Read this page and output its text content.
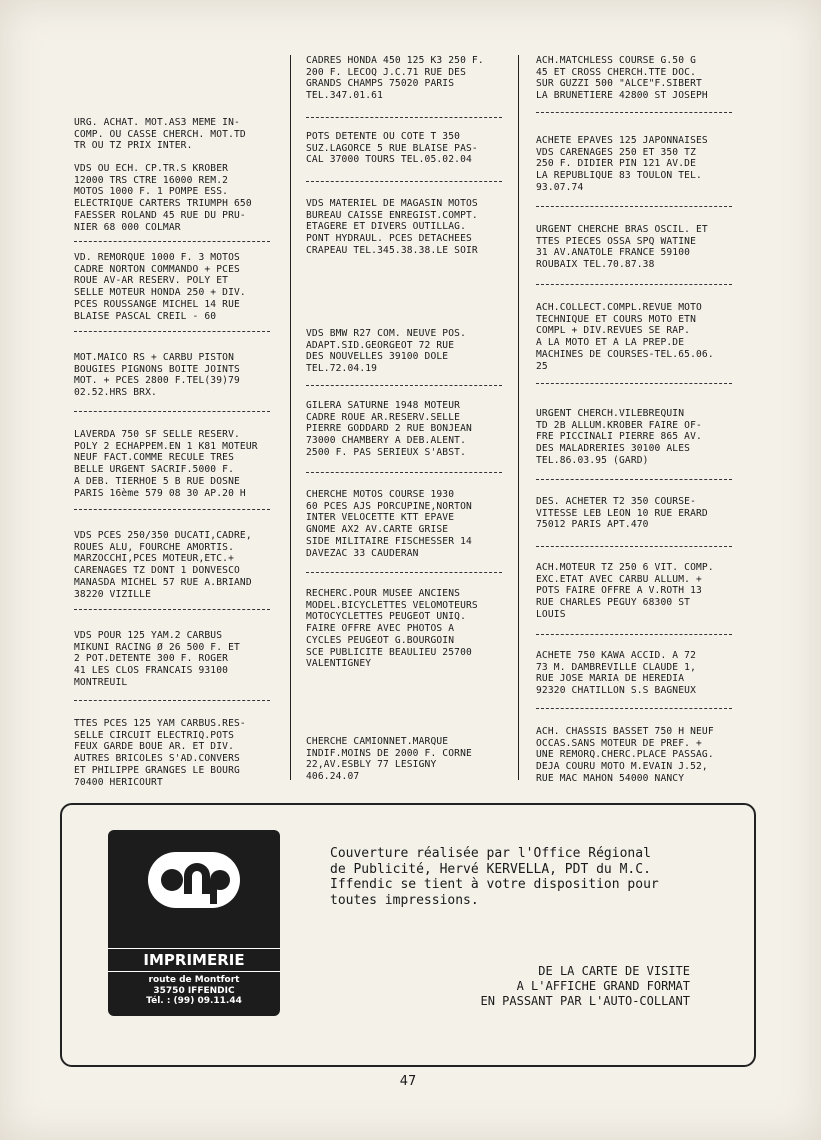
URG. ACHAT. MOT.AS3 MEME IN-
COMP. OU CASSE CHERCH. MOT.TD
TR OU TZ PRIX INTER.
VDS OU ECH. CP.TR.S KROBER
12000 TRS CTRE 16000 REM.2
MOTOS 1000 F. 1 POMPE ESS.
ELECTRIQUE CARTERS TRIUMPH 650
FAESSER ROLAND 45 RUE DU PRU-
NIER 68 000 COLMAR
VD. REMORQUE 1000 F. 3 MOTOS
CADRE NORTON COMMANDO + PCES
ROUE AV-AR RESERV. POLY ET
SELLE MOTEUR HONDA 250 + DIV.
PCES ROUSSANGE MICHEL 14 RUE
BLAISE PASCAL CREIL - 60
MOT.MAICO RS + CARBU PISTON
BOUGIES PIGNONS BOITE JOINTS
MOT. + PCES 2800 F.TEL(39)79
02.52.HRS BRX.
LAVERDA 750 SF SELLE RESERV.
POLY 2 ECHAPPEM.EN 1 K81 MOTEUR
NEUF FACT.COMME RECULE TRES
BELLE URGENT SACRIF.5000 F.
A DEB. TIERHOE 5 B RUE DOSNE
PARIS 16ème 579 08 30 AP.20 H
VDS PCES 250/350 DUCATI,CADRE,
ROUES ALU, FOURCHE AMORTIS.
MARZOCCHI,PCES MOTEUR,ETC.+
CARENAGES TZ DONT 1 DONVESCO
MANASDA MICHEL 57 RUE A.BRIAND
38220 VIZILLE
VDS POUR 125 YAM.2 CARBUS
MIKUNI RACING Ø 26 500 F. ET
2 POT.DETENTE 300 F. ROGER
41 LES CLOS FRANCAIS 93100
MONTREUIL
TTES PCES 125 YAM CARBUS.RES-
SELLE CIRCUIT ELECTRIQ.POTS
FEUX GARDE BOUE AR. ET DIV.
AUTRES BRICOLES S'AD.CONVERS
ET PHILIPPE GRANGES LE BOURG
70400 HERICOURT
CADRES HONDA 450 125 K3 250 F.
200 F. LECOQ J.C.71 RUE DES
GRANDS CHAMPS 75020 PARIS
TEL.347.01.61
POTS DETENTE OU COTE T 350
SUZ.LAGORCE 5 RUE BLAISE PAS-
CAL 37000 TOURS TEL.05.02.04
VDS MATERIEL DE MAGASIN MOTOS
BUREAU CAISSE ENREGIST.COMPT.
ETAGERE ET DIVERS OUTILLAG.
PONT HYDRAUL. PCES DETACHEES
CRAPEAU TEL.345.38.38.LE SOIR
VDS BMW R27 COM. NEUVE POS.
ADAPT.SID.GEORGEOT 72 RUE
DES NOUVELLES 39100 DOLE
TEL.72.04.19
GILERA SATURNE 1948 MOTEUR
CADRE ROUE AR.RESERV.SELLE
PIERRE GODDARD 2 RUE BONJEAN
73000 CHAMBERY A DEB.ALENT.
2500 F. PAS SERIEUX S'ABST.
CHERCHE MOTOS COURSE 1930
60 PCES AJS PORCUPINE,NORTON
INTER VELOCETTE KTT EPAVE
GNOME AX2 AV.CARTE GRISE
SIDE MILITAIRE FISCHESSER 14
DAVEZAC 33 CAUDERAN
RECHERC.POUR MUSEE ANCIENS
MODEL.BICYCLETTES VELOMOTEURS
MOTOCYCLETTES PEUGEOT UNIQ.
FAIRE OFFRE AVEC PHOTOS A
CYCLES PEUGEOT G.BOURGOIN
SCE PUBLICITE BEAULIEU 25700
VALENTIGNEY
CHERCHE CAMIONNET.MARQUE
INDIF.MOINS DE 2000 F. CORNE
22,AV.ESBLY 77 LESIGNY
406.24.07
ACH.MATCHLESS COURSE G.50 G
45 ET CROSS CHERCH.TTE DOC.
SUR GUZZI 500 "ALCE"F.SIBERT
LA BRUNETIERE 42800 ST JOSEPH
ACHETE EPAVES 125 JAPONNAISES
VDS CARENAGES 250 ET 350 TZ
250 F. DIDIER PIN 121 AV.DE
LA REPUBLIQUE 83 TOULON TEL.
93.07.74
URGENT CHERCHE BRAS OSCIL. ET
TTES PIECES OSSA SPQ WATINE
31 AV.ANATOLE FRANCE 59100
ROUBAIX TEL.70.87.38
ACH.COLLECT.COMPL.REVUE MOTO
TECHNIQUE ET COURS MOTO ETN
COMPL + DIV.REVUES SE RAP.
A LA MOTO ET A LA PREP.DE
MACHINES DE COURSES-TEL.65.06.
25
URGENT CHERCH.VILEBREQUIN
TD 2B ALLUM.KROBER FAIRE OF-
FRE PICCINALI PIERRE 865 AV.
DES MALADRERIES 30100 ALES
TEL.86.03.95 (GARD)
DES. ACHETER T2 350 COURSE-
VITESSE LEB LEON 10 RUE ERARD
75012 PARIS APT.470
ACH.MOTEUR TZ 250 6 VIT. COMP.
EXC.ETAT AVEC CARBU ALLUM. +
POTS FAIRE OFFRE A V.ROTH 13
RUE CHARLES PEGUY 68300 ST
LOUIS
ACHETE 750 KAWA ACCID. A 72
73 M. DAMBREVILLE CLAUDE 1,
RUE JOSE MARIA DE HEREDIA
92320 CHATILLON S.S BAGNEUX
ACH. CHASSIS BASSET 750 H NEUF
OCCAS.SANS MOTEUR DE PREF. +
UNE REMORQ.CHERC.PLACE PASSAG.
DEJA COURU MOTO M.EVAIN J.52,
RUE MAC MAHON 54000 NANCY
IMPRIMERIE
route de Montfort
35750 IFFENDIC
Tél. : (99) 09.11.44
Couverture réalisée par l'Office Régional
de Publicité, Hervé KERVELLA, PDT du M.C.
Iffendic se tient à votre disposition pour
toutes impressions.
DE LA CARTE DE VISITE
A L'AFFICHE GRAND FORMAT
EN PASSANT PAR L'AUTO-COLLANT
47
